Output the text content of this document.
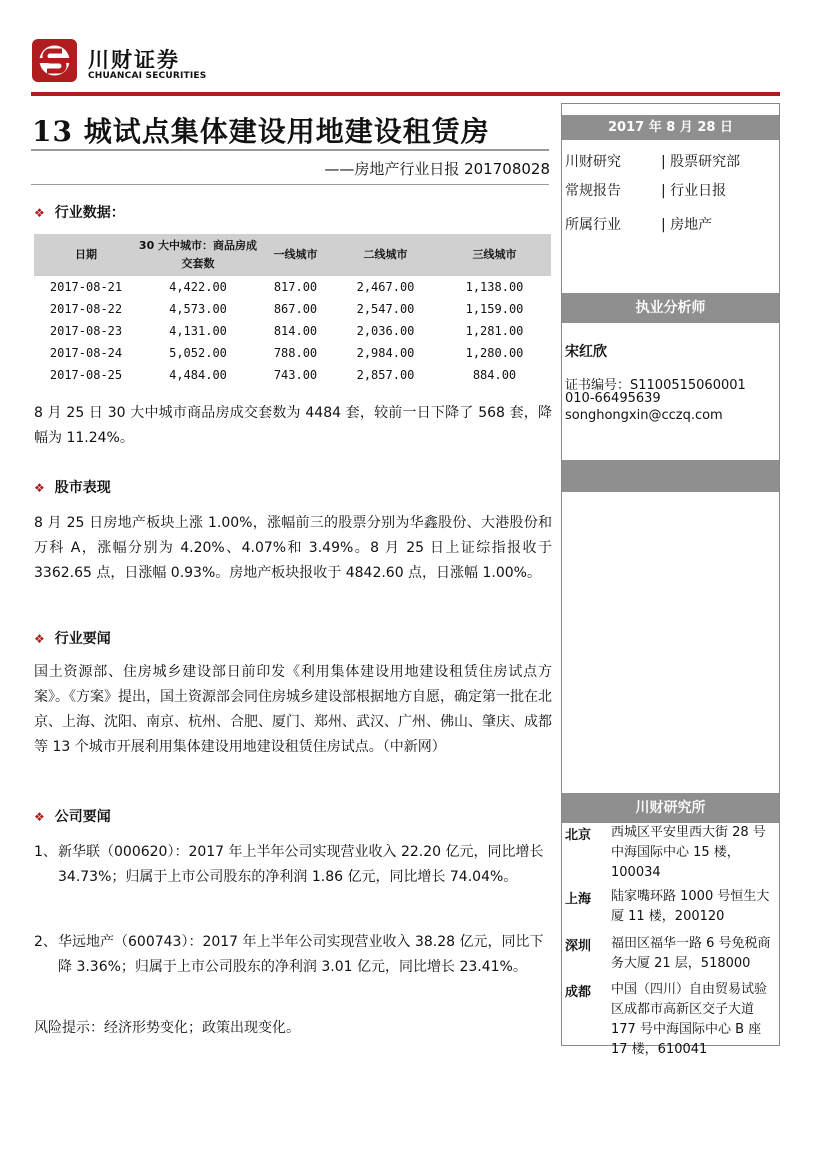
川财证券
CHUANCAI SECURITIES
13 城试点集体建设用地建设租赁房
——房地产行业日报 201708028
2017 年 8 月 28 日
川财研究	| 股票研究部
常规报告	| 行业日报
所属行业	| 房地产
执业分析师
宋红欣
证书编号：S1100515060001
010-66495639
songhongxin@cczq.com
川财研究所
北京 西城区平安里西大街 28 号中海国际中心 15 楼，100034
上海 陆家嘴环路 1000 号恒生大厦 11 楼，200120
深圳 福田区福华一路 6 号免税商务大厦 21 层，518000
成都 中国（四川）自由贸易试验区成都市高新区交子大道 177 号中海国际中心 B 座 17 楼，610041
❖ 行业数据：
日期	30 大中城市：商品房成交套数	一线城市	二线城市	三线城市
2017-08-21	4,422.00	817.00	2,467.00	1,138.00
2017-08-22	4,573.00	867.00	2,547.00	1,159.00
2017-08-23	4,131.00	814.00	2,036.00	1,281.00
2017-08-24	5,052.00	788.00	2,984.00	1,280.00
2017-08-25	4,484.00	743.00	2,857.00	884.00
8 月 25 日 30 大中城市商品房成交套数为 4484 套，较前一日下降了 568 套，降幅为 11.24%。
❖ 股市表现
8 月 25 日房地产板块上涨 1.00%，涨幅前三的股票分别为华鑫股份、大港股份和万科 A，涨幅分别为 4.20%、4.07%和 3.49%。8 月 25 日上证综指报收于 3362.65 点，日涨幅 0.93%。房地产板块报收于 4842.60 点，日涨幅 1.00%。
❖ 行业要闻
国土资源部、住房城乡建设部日前印发《利用集体建设用地建设租赁住房试点方案》。《方案》提出，国土资源部会同住房城乡建设部根据地方自愿，确定第一批在北京、上海、沈阳、南京、杭州、合肥、厦门、郑州、武汉、广州、佛山、肇庆、成都等 13 个城市开展利用集体建设用地建设租赁住房试点。（中新网）
❖ 公司要闻
1、 新华联（000620）：2017 年上半年公司实现营业收入 22.20 亿元，同比增长 34.73%；归属于上市公司股东的净利润 1.86 亿元，同比增长 74.04%。
2、 华远地产（600743）：2017 年上半年公司实现营业收入 38.28 亿元，同比下降 3.36%；归属于上市公司股东的净利润 3.01 亿元，同比增长 23.41%。
风险提示：经济形势变化；政策出现变化。
